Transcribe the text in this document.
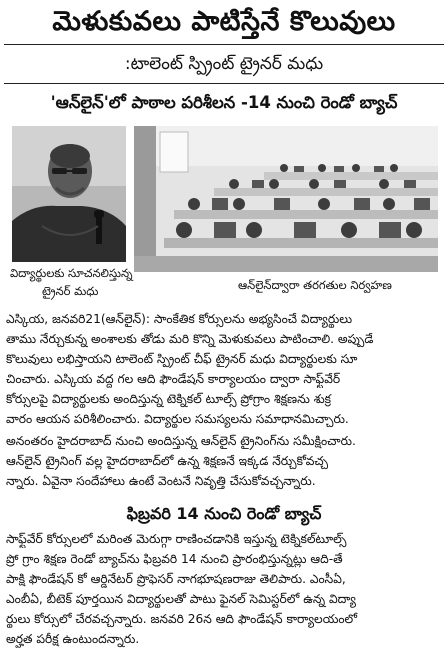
మెళుకువలు పాటిస్తేనే కొలువులు
:టాలెంట్ స్ప్రింట్ ట్రైనర్ మధు
'ఆన్‌లైన్'లో పాఠాల పరిశీలన -14 నుంచి రెండో బ్యాచ్
విద్యార్థులకు సూచనలిస్తున్న
ట్రైనర్ మధు	ఆన్‌లైన్‌ద్వారా తరగతుల నిర్వహణ
ఎస్కియ, జనవరి21(ఆన్‌లైన్): సాంకేతిక కోర్సులను అభ్యసించే విద్యార్థులు
తాము నేర్చుకున్న అంశాలకు తోడు మరి కొన్ని మెళుకువలు పాటించాలి. అప్పుడే
కొలువులు లభిస్తాయని టాలెంట్ స్ప్రింట్ చీఫ్ ట్రైనర్ మధు విద్యార్థులకు సూ
చించారు. ఎస్కియ వద్ద గల ఆది ఫౌండేషన్ కార్యాలయం ద్వారా సాఫ్ట్‌వేర్
కోర్సులపై విద్యార్థులకు అందిస్తున్న టెక్నికల్ టూల్స్ ప్రోగ్రాం శిక్షణను శుక్ర
వారం ఆయన పరిశీలించారు. విద్యార్థుల సమస్యలను సమాధానమిచ్చారు.
అనంతరం హైదరాబాద్ నుంచి అందిస్తున్న ఆన్‌లైన్ ట్రైనింగ్‌ను సమీక్షించారు.
ఆన్‌లైన్ ట్రైనింగ్ వల్ల హైదరాబాద్‌లో ఉన్న శిక్షణనే ఇక్కడ నేర్చుకోవచ్చ
న్నారు. ఏవైనా సందేహాలు ఉంటే వెంటనే నివృత్తి చేసుకోవచ్చన్నారు.
ఫిబ్రవరి 14 నుంచి రెండో బ్యాచ్
సాఫ్ట్‌వేర్ కోర్సులలో మరింత మెరుగ్గా రాణించడానికి ఇస్తున్న టెక్నికల్‌టూల్స్
ప్రో గ్రాం శిక్షణ రెండో బ్యాచ్‌ను ఫిబ్రవరి 14 నుంచి ప్రారంభిస్తున్నట్లు ఆది-తే
పాక్షి ఫౌండేషన్ కో ఆర్డినేటర్ ప్రొఫెసర్ నాగభూషణరాజు తెలిపారు. ఎంసీఏ,
ఎంబీఏ, బీటెక్ పూర్తయిన విద్యార్థులతో పాటు ఫైనల్ సెమిస్టర్‌లో ఉన్న విద్యా
ర్థులు కోర్సులో చేరవచ్చన్నారు. జనవరి 26న ఆది ఫౌండేషన్ కార్యాలయంలో
అర్హత పరీక్ష ఉంటుందన్నారు.
